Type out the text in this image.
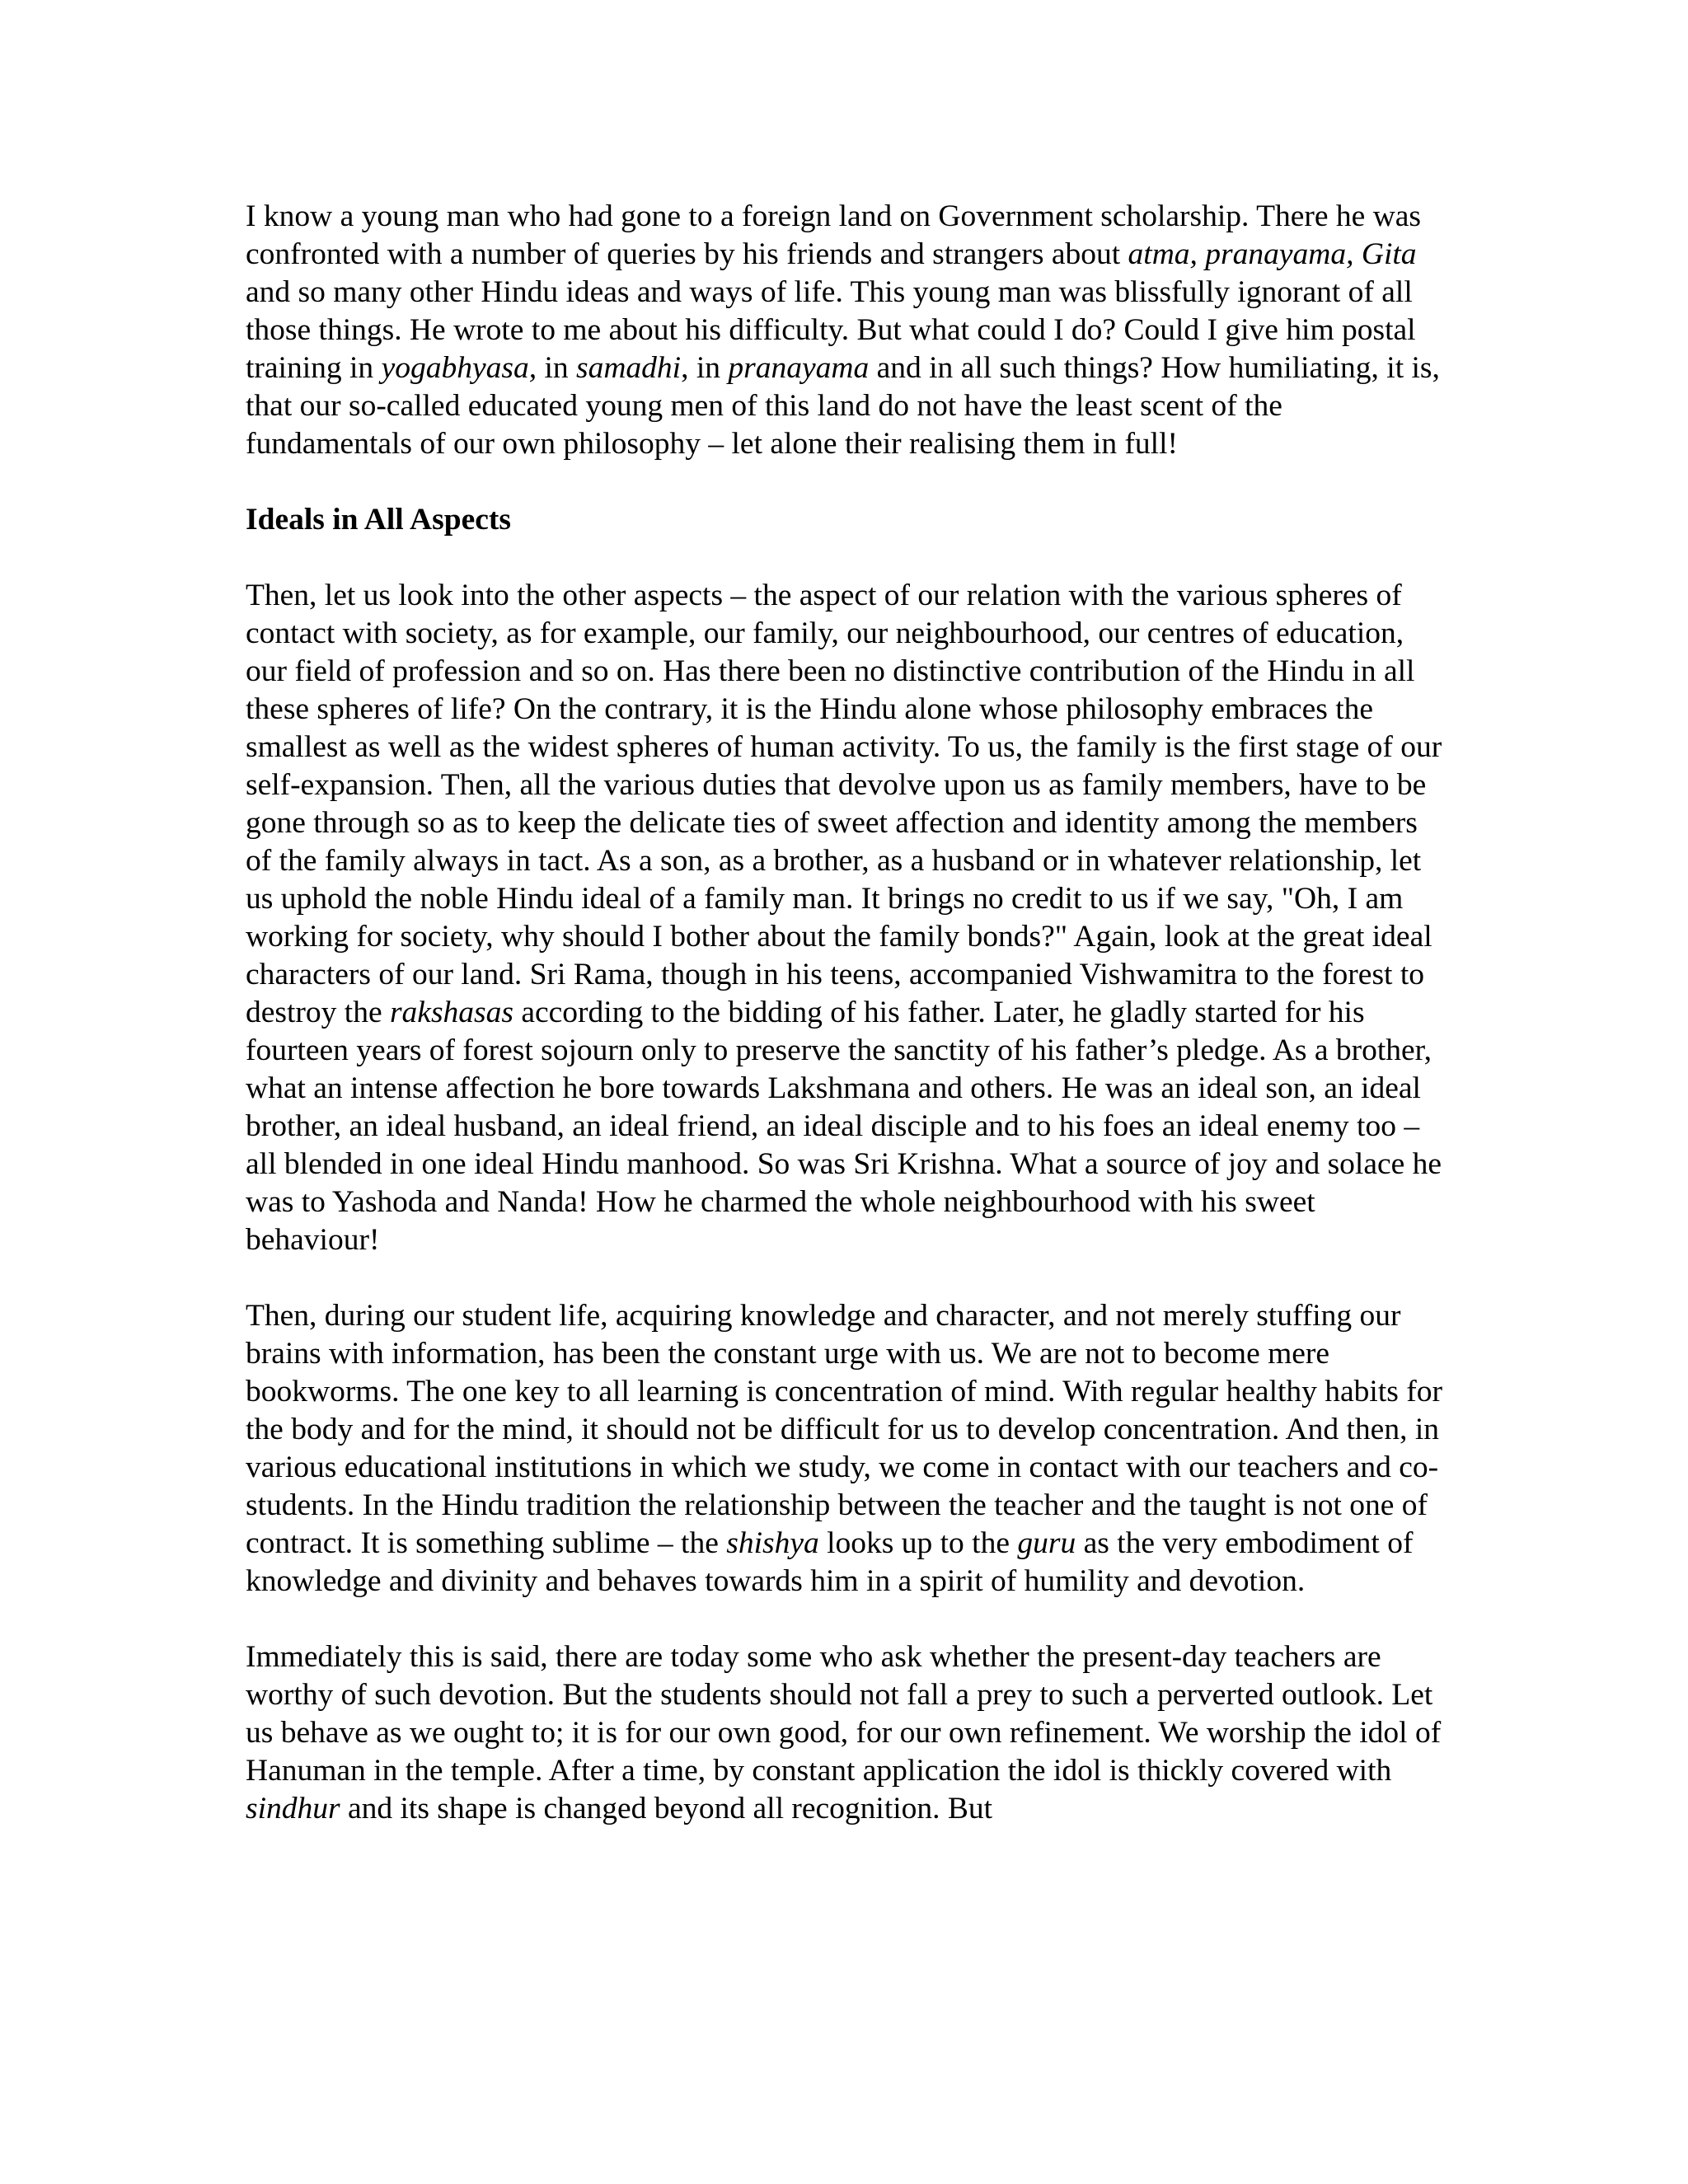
I know a young man who had gone to a foreign land on Government scholarship. There he was confronted with a number of queries by his friends and strangers about atma, pranayama, Gita and so many other Hindu ideas and ways of life. This young man was blissfully ignorant of all those things. He wrote to me about his difficulty. But what could I do? Could I give him postal training in yogabhyasa, in samadhi, in pranayama and in all such things? How humiliating, it is, that our so-called educated young men of this land do not have the least scent of the fundamentals of our own philosophy – let alone their realising them in full!

Ideals in All Aspects

Then, let us look into the other aspects – the aspect of our relation with the various spheres of contact with society, as for example, our family, our neighbourhood, our centres of education, our field of profession and so on. Has there been no distinctive contribution of the Hindu in all these spheres of life? On the contrary, it is the Hindu alone whose philosophy embraces the smallest as well as the widest spheres of human activity. To us, the family is the first stage of our self-expansion. Then, all the various duties that devolve upon us as family members, have to be gone through so as to keep the delicate ties of sweet affection and identity among the members of the family always in tact. As a son, as a brother, as a husband or in whatever relationship, let us uphold the noble Hindu ideal of a family man. It brings no credit to us if we say, "Oh, I am working for society, why should I bother about the family bonds?" Again, look at the great ideal characters of our land. Sri Rama, though in his teens, accompanied Vishwamitra to the forest to destroy the rakshasas according to the bidding of his father. Later, he gladly started for his fourteen years of forest sojourn only to preserve the sanctity of his father’s pledge. As a brother, what an intense affection he bore towards Lakshmana and others. He was an ideal son, an ideal brother, an ideal husband, an ideal friend, an ideal disciple and to his foes an ideal enemy too – all blended in one ideal Hindu manhood. So was Sri Krishna. What a source of joy and solace he was to Yashoda and Nanda! How he charmed the whole neighbourhood with his sweet behaviour!

Then, during our student life, acquiring knowledge and character, and not merely stuffing our brains with information, has been the constant urge with us. We are not to become mere bookworms. The one key to all learning is concentration of mind. With regular healthy habits for the body and for the mind, it should not be difficult for us to develop concentration. And then, in various educational institutions in which we study, we come in contact with our teachers and co-students. In the Hindu tradition the relationship between the teacher and the taught is not one of contract. It is something sublime – the shishya looks up to the guru as the very embodiment of knowledge and divinity and behaves towards him in a spirit of humility and devotion.

Immediately this is said, there are today some who ask whether the present-day teachers are worthy of such devotion. But the students should not fall a prey to such a perverted outlook. Let us behave as we ought to; it is for our own good, for our own refinement. We worship the idol of Hanuman in the temple. After a time, by constant application the idol is thickly covered with sindhur and its shape is changed beyond all recognition. But
